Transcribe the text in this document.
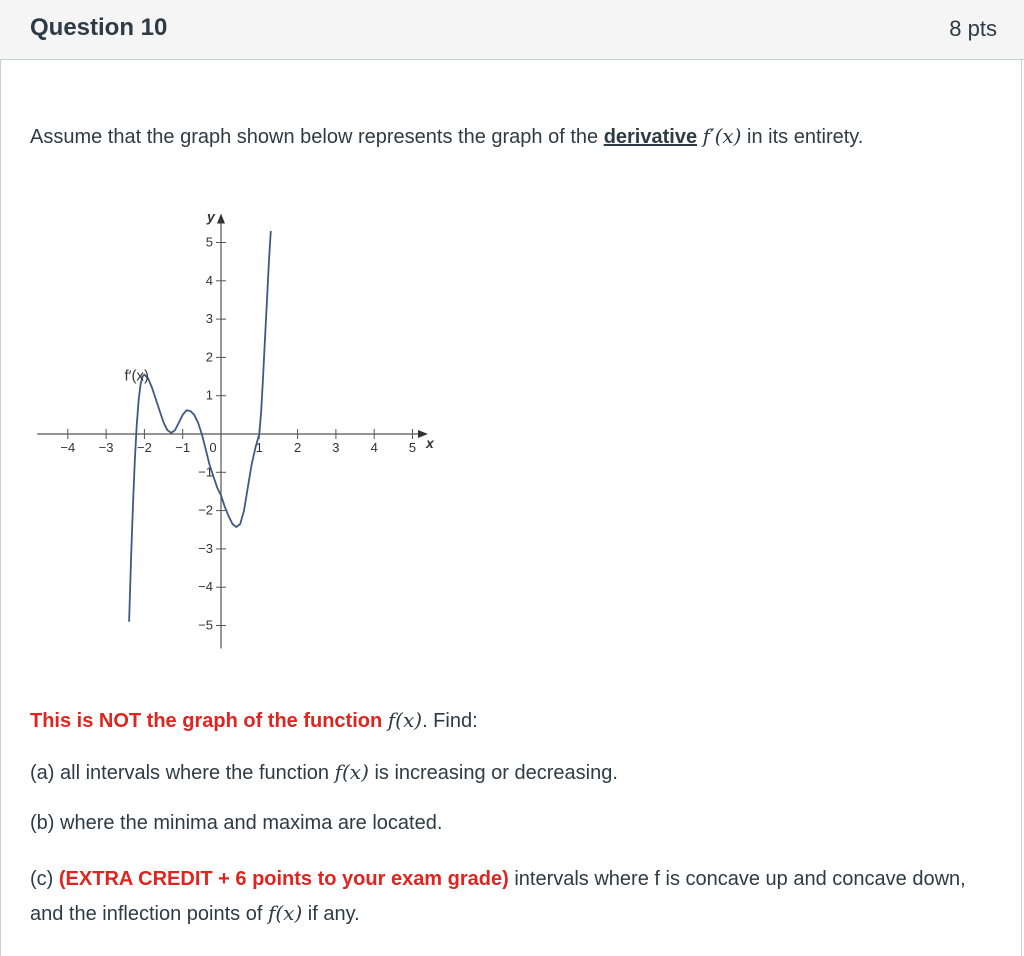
Question 10	8 pts
Assume that the graph shown below represents the graph of the derivative f′(x) in its entirety.
−4 −3 −2 −1 0	1 2 3 4 5
5
4
3
2
1
−1
−2
−3
−4
−5
x
y
f′(x)
This is NOT the graph of the function f(x). Find:
(a) all intervals where the function f(x) is increasing or decreasing.
(b) where the minima and maxima are located.
(c) (EXTRA CREDIT + 6 points to your exam grade) intervals where f is concave up and concave down, and the inflection points of f(x) if any.
